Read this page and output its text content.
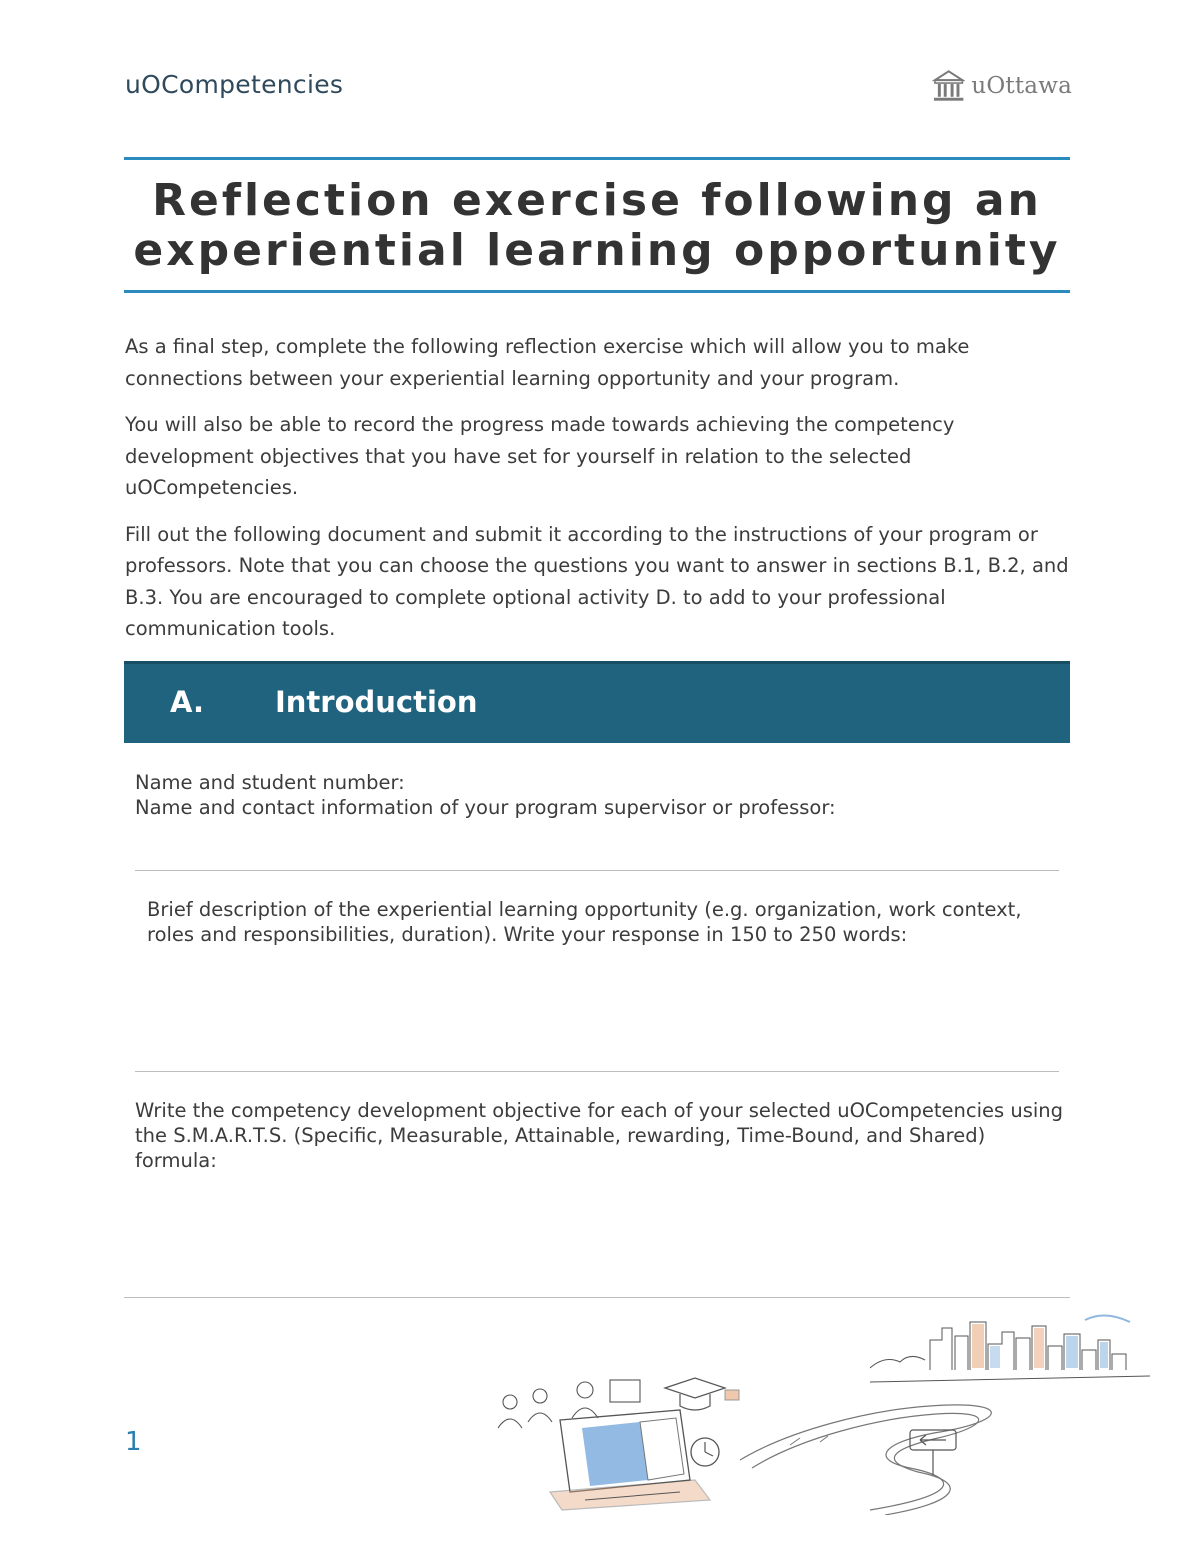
uOCompetencies	uOttawa
Reflection exercise following an
experiential learning opportunity

As a final step, complete the following reflection exercise which will allow you to make connections between your experiential learning opportunity and your program.

You will also be able to record the progress made towards achieving the competency development objectives that you have set for yourself in relation to the selected uOCompetencies.

Fill out the following document and submit it according to the instructions of your program or professors. Note that you can choose the questions you want to answer in sections B.1, B.2, and B.3. You are encouraged to complete optional activity D. to add to your professional communication tools.

A. Introduction
Name and student number:
Name and contact information of your program supervisor or professor:
Brief description of the experiential learning opportunity (e.g. organization, work context, roles and responsibilities, duration). Write your response in 150 to 250 words:
Write the competency development objective for each of your selected uOCompetencies using the S.M.A.R.T.S. (Specific, Measurable, Attainable, rewarding, Time-Bound, and Shared) formula:
1
